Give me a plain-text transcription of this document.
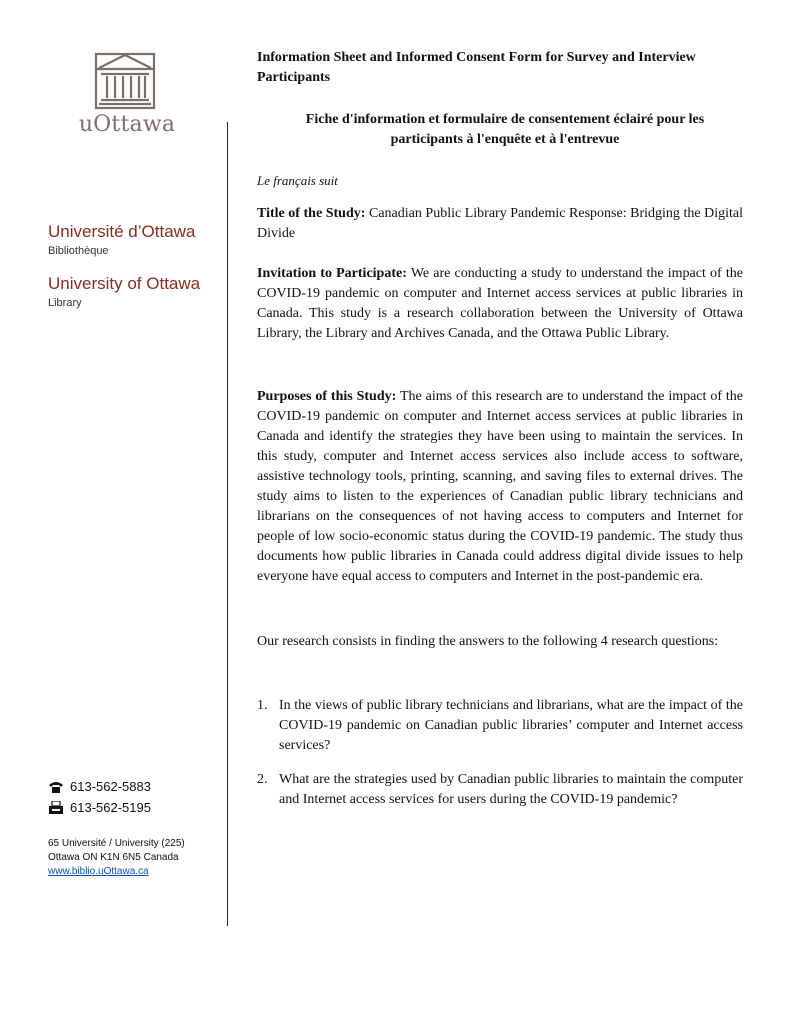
uOttawa
Université d’Ottawa
Bibliothèque
University of Ottawa
Library
613-562-5883
613-562-5195
65 Université / University (225)
Ottawa ON K1N 6N5 Canada
www.biblio.uOttawa.ca
Information Sheet and Informed Consent Form for Survey and Interview Participants
Fiche d'information et formulaire de consentement éclairé pour les participants à l'enquête et à l'entrevue
Le français suit
Title of the Study: Canadian Public Library Pandemic Response: Bridging the Digital Divide
Invitation to Participate: We are conducting a study to understand the impact of the COVID-19 pandemic on computer and Internet access services at public libraries in Canada. This study is a research collaboration between the University of Ottawa Library, the Library and Archives Canada, and the Ottawa Public Library.
Purposes of this Study: The aims of this research are to understand the impact of the COVID-19 pandemic on computer and Internet access services at public libraries in Canada and identify the strategies they have been using to maintain the services. In this study, computer and Internet access services also include access to software, assistive technology tools, printing, scanning, and saving files to external drives. The study aims to listen to the experiences of Canadian public library technicians and librarians on the consequences of not having access to computers and Internet for people of low socio-economic status during the COVID-19 pandemic. The study thus documents how public libraries in Canada could address digital divide issues to help everyone have equal access to computers and Internet in the post-pandemic era.
Our research consists in finding the answers to the following 4 research questions:
1. In the views of public library technicians and librarians, what are the impact of the COVID-19 pandemic on Canadian public libraries’ computer and Internet access services?
2. What are the strategies used by Canadian public libraries to maintain the computer and Internet access services for users during the COVID-19 pandemic?
